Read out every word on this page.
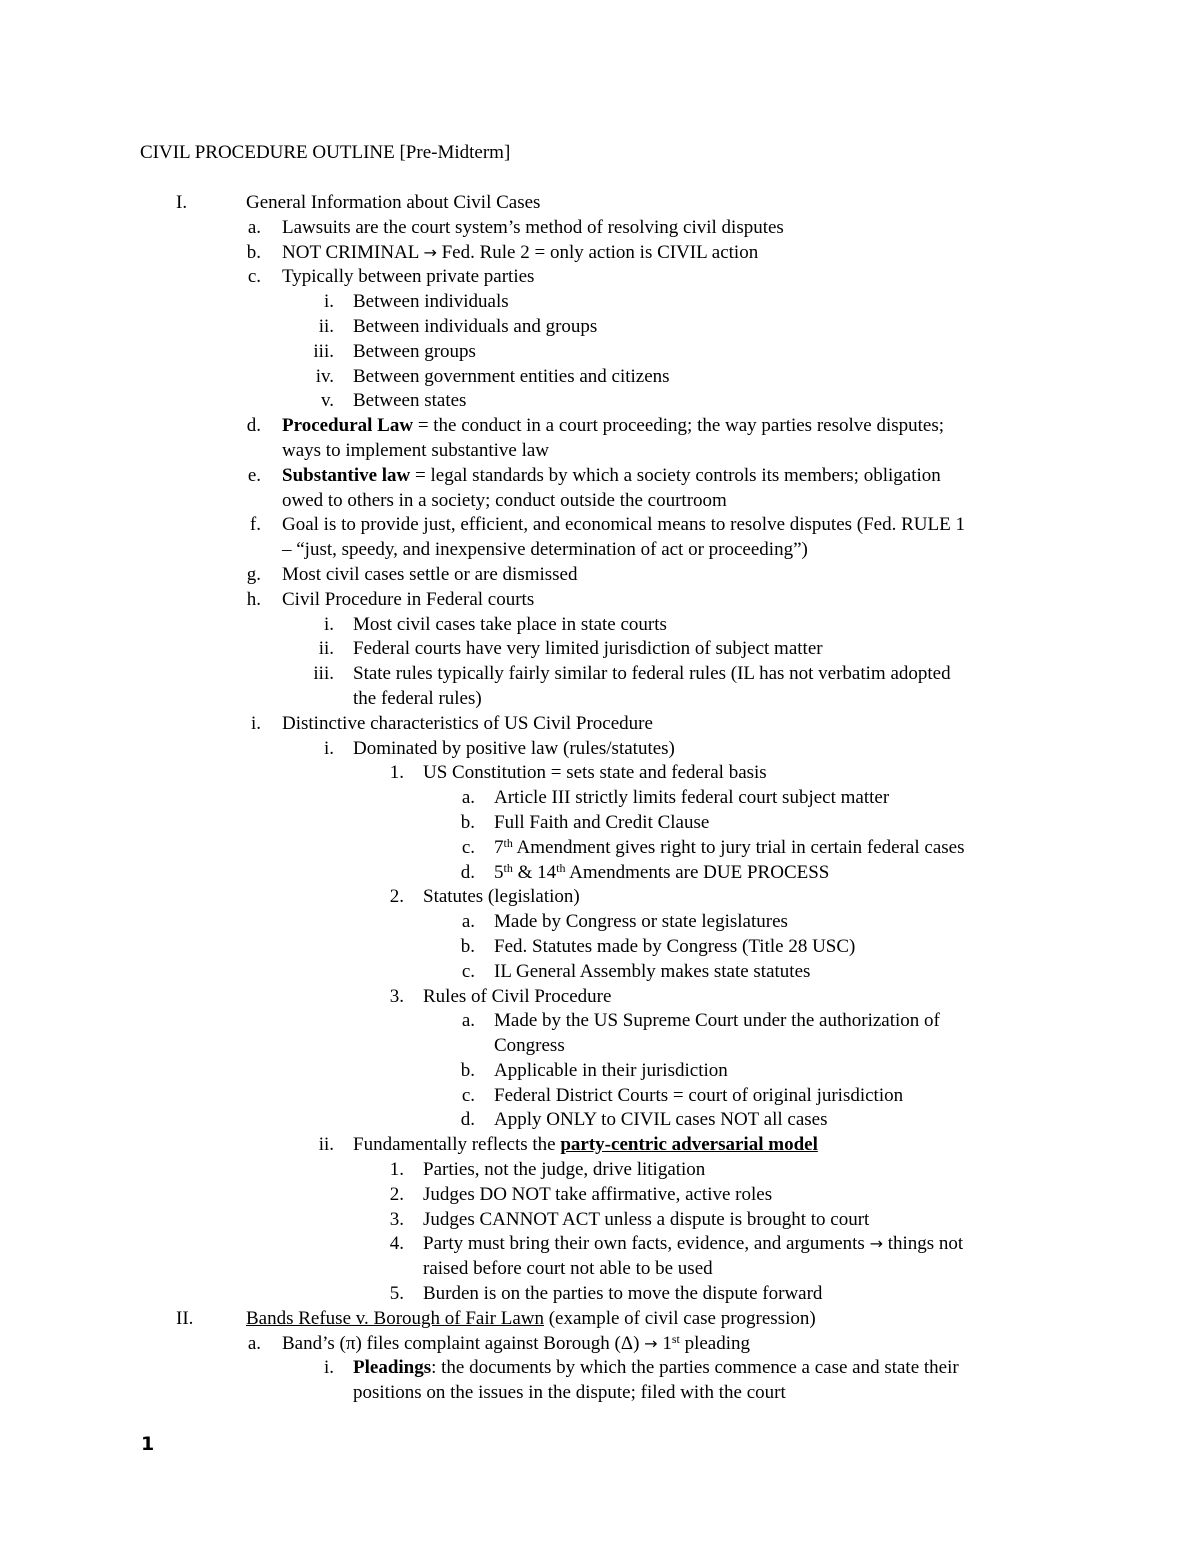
CIVIL PROCEDURE OUTLINE [Pre-Midterm]
I.	General Information about Civil Cases
a. Lawsuits are the court system’s method of resolving civil disputes
b. NOT CRIMINAL → Fed. Rule 2 = only action is CIVIL action
c. Typically between private parties
i. Between individuals
ii. Between individuals and groups
iii. Between groups
iv. Between government entities and citizens
v. Between states
d. Procedural Law = the conduct in a court proceeding; the way parties resolve disputes;
ways to implement substantive law
e. Substantive law = legal standards by which a society controls its members; obligation
owed to others in a society; conduct outside the courtroom
f. Goal is to provide just, efficient, and economical means to resolve disputes (Fed. RULE 1
– “just, speedy, and inexpensive determination of act or proceeding”)
g. Most civil cases settle or are dismissed
h. Civil Procedure in Federal courts
i. Most civil cases take place in state courts
ii. Federal courts have very limited jurisdiction of subject matter
iii. State rules typically fairly similar to federal rules (IL has not verbatim adopted
the federal rules)
i. Distinctive characteristics of US Civil Procedure
i. Dominated by positive law (rules/statutes)
1. US Constitution = sets state and federal basis
a. Article III strictly limits federal court subject matter
b. Full Faith and Credit Clause
c. 7th Amendment gives right to jury trial in certain federal cases
d. 5th & 14th Amendments are DUE PROCESS
2. Statutes (legislation)
a. Made by Congress or state legislatures
b. Fed. Statutes made by Congress (Title 28 USC)
c. IL General Assembly makes state statutes
3. Rules of Civil Procedure
a. Made by the US Supreme Court under the authorization of
Congress
b. Applicable in their jurisdiction
c. Federal District Courts = court of original jurisdiction
d. Apply ONLY to CIVIL cases NOT all cases
ii. Fundamentally reflects the party-centric adversarial model
1. Parties, not the judge, drive litigation
2. Judges DO NOT take affirmative, active roles
3. Judges CANNOT ACT unless a dispute is brought to court
4. Party must bring their own facts, evidence, and arguments → things not
raised before court not able to be used
5. Burden is on the parties to move the dispute forward
II.	Bands Refuse v. Borough of Fair Lawn (example of civil case progression)
a. Band’s (π) files complaint against Borough (Δ) → 1st pleading
i. Pleadings: the documents by which the parties commence a case and state their
positions on the issues in the dispute; filed with the court
1
